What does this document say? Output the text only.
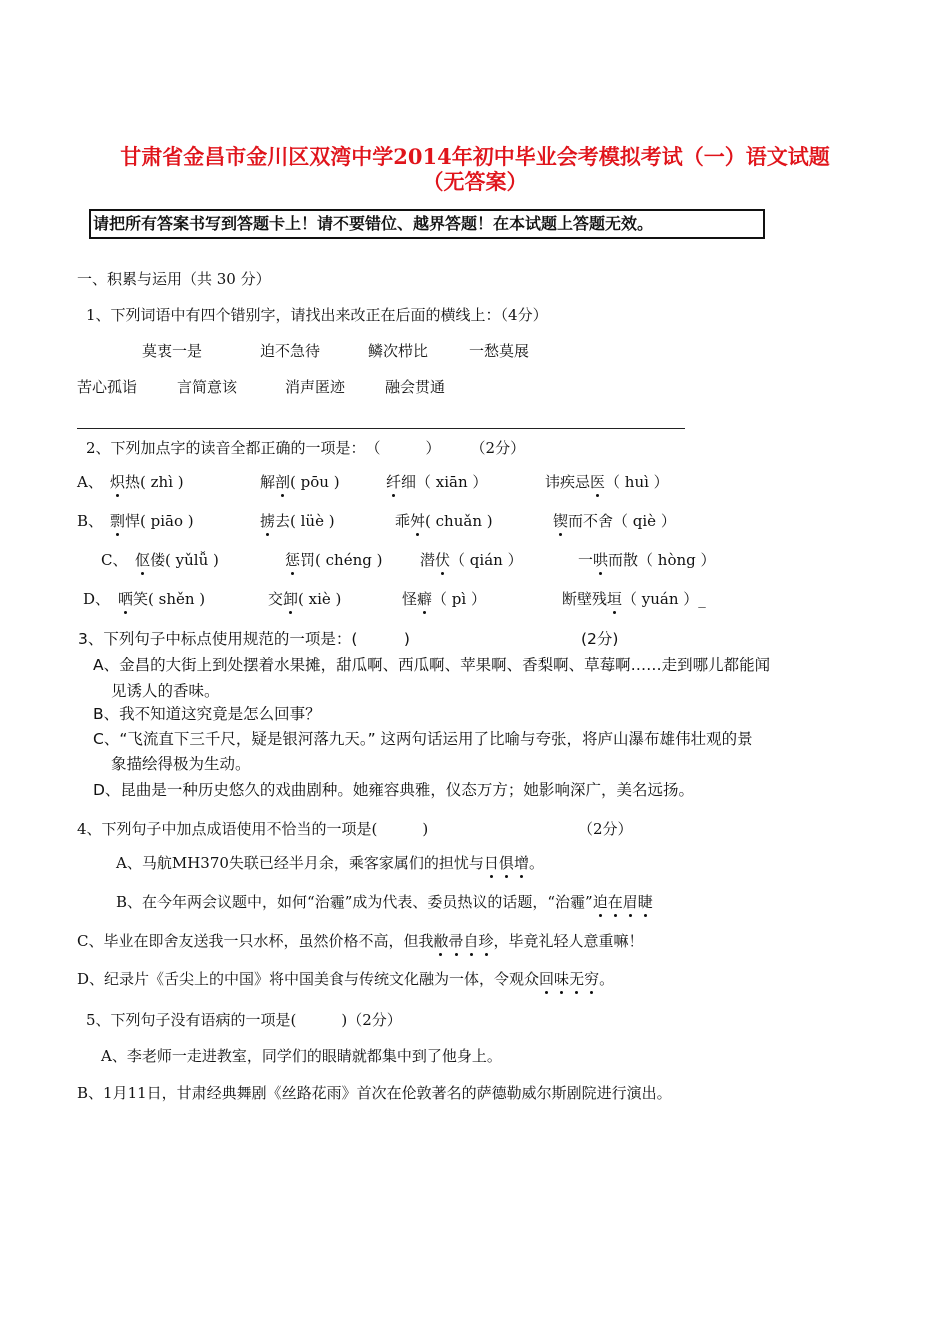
甘肃省金昌市金川区双湾中学2014年初中毕业会考模拟考试（一）语文试题
（无答案）
请把所有答案书写到答题卡上！请不要错位、越界答题！在本试题上答题无效。
一、积累与运用（共 30 分）
1、下列词语中有四个错别字，请找出来改正在后面的横线上：（4分）
莫衷一是	迫不急待	鳞次栉比	一愁莫展
苦心孤诣	言简意该	消声匿迹	融会贯通
2、下列加点字的读音全都正确的一项是：　（　　　）　　　（2分）
A、 炽热( zhì )	解剖( pōu )	纤细（ xiān ）	讳疾忌医（ huì ）
B、 剽悍( piāo )	掳去( lüè )	乖舛( chuǎn )	锲而不舍（ qiè ）
C、 伛偻( yǔlǚ )	惩罚( chéng )	潜伏（ qián ）	一哄而散（ hòng ）
D、 哂笑( shěn )	交卸( xiè )	怪癖（ pì ）	断壁残垣（ yuán ）_
3、下列句子中标点使用规范的一项是：(　　　)	(2分)
A、金昌的大街上到处摆着水果摊，甜瓜啊、西瓜啊、苹果啊、香梨啊、草莓啊……走到哪儿都能闻
见诱人的香味。
B、我不知道这究竟是怎么回事？
C、“飞流直下三千尺，疑是银河落九天。” 这两句话运用了比喻与夸张，将庐山瀑布雄伟壮观的景
象描绘得极为生动。
D、昆曲是一种历史悠久的戏曲剧种。她雍容典雅，仪态万方；她影响深广，美名远扬。
4、下列句子中加点成语使用不恰当的一项是(　　　)	（2分）
A、马航MH370失联已经半月余，乘客家属们的担忧与日俱增。
B、在今年两会议题中，如何“治霾”成为代表、委员热议的话题，“治霾”迫在眉睫
C、毕业在即舍友送我一只水杯，虽然价格不高，但我敝帚自珍，毕竟礼轻人意重嘛！
D、纪录片《舌尖上的中国》将中国美食与传统文化融为一体，令观众回味无穷。
5、下列句子没有语病的一项是(　　　)（2分）
A、李老师一走进教室，同学们的眼睛就都集中到了他身上。
B、1月11日，甘肃经典舞剧《丝路花雨》首次在伦敦著名的萨德勒威尔斯剧院进行演出。
